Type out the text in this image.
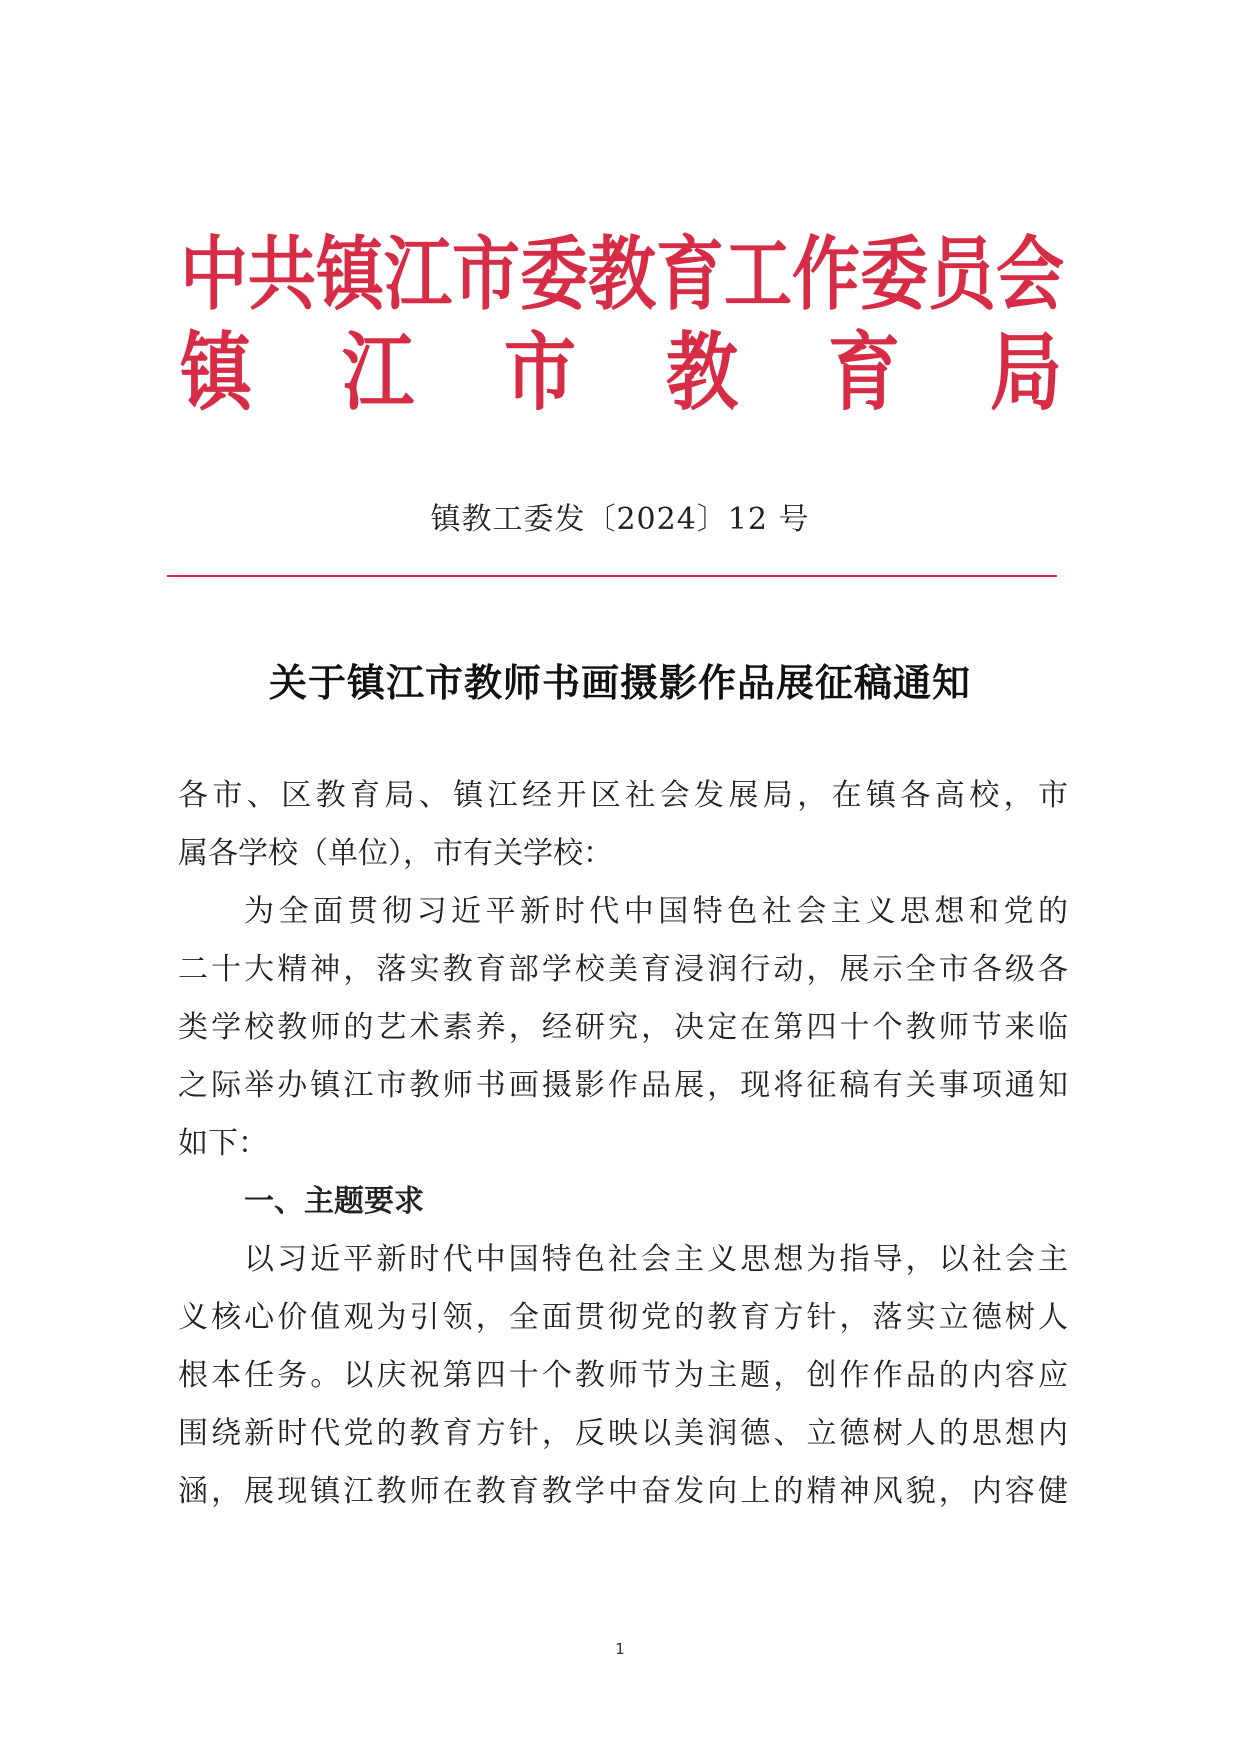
中共镇江市委教育工作委员会
镇江市教育局
镇教工委发〔2024〕12 号
关于镇江市教师书画摄影作品展征稿通知
各市、区教育局、镇江经开区社会发展局，在镇各高校，市
属各学校（单位），市有关学校：
为全面贯彻习近平新时代中国特色社会主义思想和党的
二十大精神，落实教育部学校美育浸润行动，展示全市各级各
类学校教师的艺术素养，经研究，决定在第四十个教师节来临
之际举办镇江市教师书画摄影作品展，现将征稿有关事项通知
如下：
一、主题要求
以习近平新时代中国特色社会主义思想为指导，以社会主
义核心价值观为引领，全面贯彻党的教育方针，落实立德树人
根本任务。以庆祝第四十个教师节为主题，创作作品的内容应
围绕新时代党的教育方针，反映以美润德、立德树人的思想内
涵，展现镇江教师在教育教学中奋发向上的精神风貌，内容健
1
